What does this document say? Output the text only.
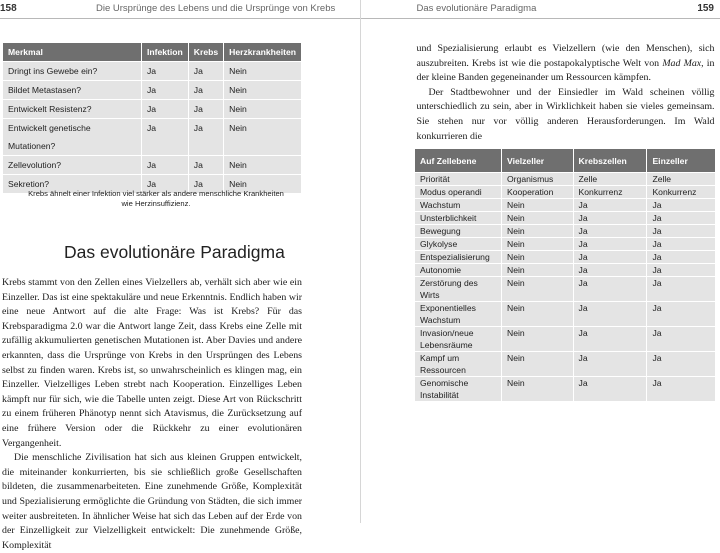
158	Die Ursprünge des Lebens und die Ursprünge von Krebs
Merkmal	Infektion	Krebs	Herzkrankheiten
Dringt ins Gewebe ein?	Ja	Ja	Nein
Bildet Metastasen?	Ja	Ja	Nein
Entwickelt Resistenz?	Ja	Ja	Nein
Entwickelt genetische Mutationen?	Ja	Ja	Nein
Zellevolution?	Ja	Ja	Nein
Sekretion?	Ja	Ja	Nein
Krebs ähnelt einer Infektion viel stärker als andere menschliche Krankheiten
wie Herzinsuffizienz.
Das evolutionäre Paradigma

Krebs stammt von den Zellen eines Vielzellers ab, verhält sich aber wie ein Einzeller. Das ist eine spektakuläre und neue Erkenntnis. Endlich haben wir eine neue Antwort auf die alte Frage: Was ist Krebs? Für das Krebsparadigma 2.0 war die Antwort lange Zeit, dass Krebs eine Zelle mit zufällig akkumulierten genetischen Mutationen ist. Aber Davies und andere erkannten, dass die Ursprünge von Krebs in den Ursprüngen des Lebens selbst zu finden waren. Krebs ist, so unwahrscheinlich es klingen mag, ein Einzeller. Vielzelliges Leben strebt nach Kooperation. Einzelliges Leben kämpft nur für sich, wie die Tabelle unten zeigt. Diese Art von Rückschritt zu einem früheren Phänotyp nennt sich Atavismus, die Zurücksetzung auf eine frühere Version oder die Rückkehr zu einer evolutionären Vergangenheit.

Die menschliche Zivilisation hat sich aus kleinen Gruppen entwickelt, die miteinander konkurrierten, bis sie schließlich große Gesellschaften bildeten, die zusammenarbeiteten. Eine zunehmende Größe, Komplexität und Spezialisierung ermöglichte die Gründung von Städten, die sich immer weiter ausbreiteten. In ähnlicher Weise hat sich das Leben auf der Erde von der Einzelligkeit zur Vielzelligkeit entwickelt: Die zunehmende Größe, Komplexität

Das evolutionäre Paradigma	159

und Spezialisierung erlaubt es Vielzellern (wie den Menschen), sich auszubreiten. Krebs ist wie die postapokalyptische Welt von Mad Max, in der kleine Banden gegeneinander um Ressourcen kämpfen.

Der Stadtbewohner und der Einsiedler im Wald scheinen völlig unterschiedlich zu sein, aber in Wirklichkeit haben sie vieles gemeinsam. Sie stehen nur vor völlig anderen Herausforderungen. Im Wald konkurrieren die

Auf Zellebene	Vielzeller	Krebszellen	Einzeller
Priorität	Organismus	Zelle	Zelle
Modus operandi	Kooperation	Konkurrenz	Konkurrenz
Wachstum	Nein	Ja	Ja
Unsterblichkeit	Nein	Ja	Ja
Bewegung	Nein	Ja	Ja
Glykolyse	Nein	Ja	Ja
Entspezialisierung	Nein	Ja	Ja
Autonomie	Nein	Ja	Ja
Zerstörung des Wirts	Nein	Ja	Ja
Exponentielles Wachstum	Nein	Ja	Ja
Invasion/neue Lebensräume	Nein	Ja	Ja
Kampf um Ressourcen	Nein	Ja	Ja
Genomische Instabilität	Nein	Ja	Ja
